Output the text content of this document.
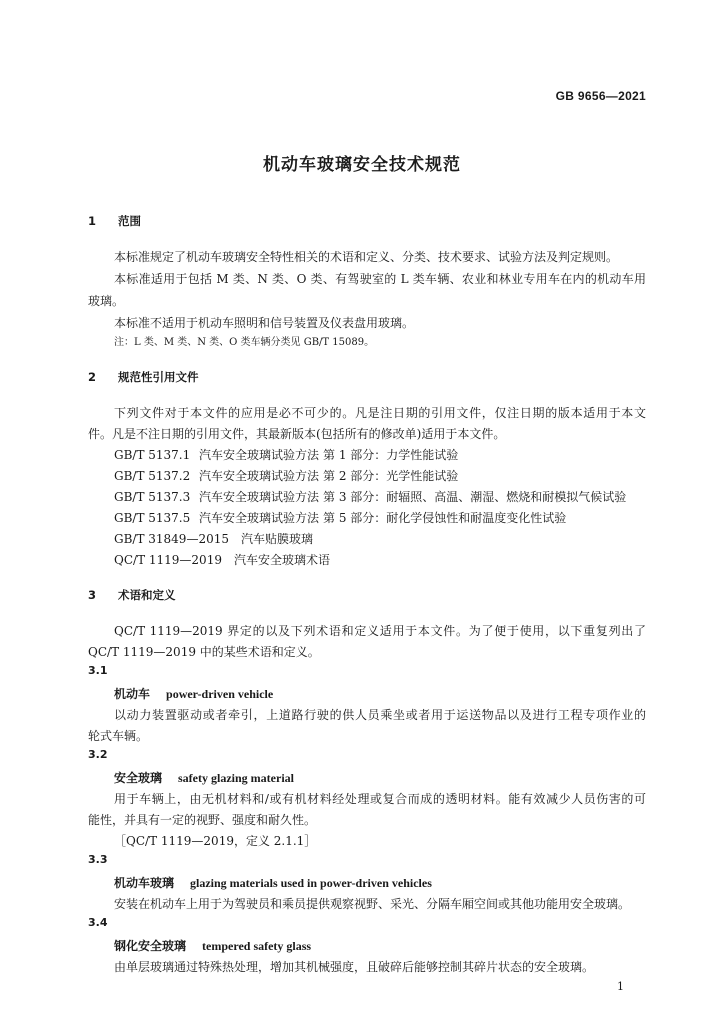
GB 9656—2021
机动车玻璃安全技术规范
1 范围
本标准规定了机动车玻璃安全特性相关的术语和定义、分类、技术要求、试验方法及判定规则。
本标准适用于包括 M 类、N 类、O 类、有驾驶室的 L 类车辆、农业和林业专用车在内的机动车用
玻璃。
本标准不适用于机动车照明和信号装置及仪表盘用玻璃。
注：L 类、M 类、N 类、O 类车辆分类见 GB/T 15089。
2 规范性引用文件
下列文件对于本文件的应用是必不可少的。凡是注日期的引用文件，仅注日期的版本适用于本文
件。凡是不注日期的引用文件，其最新版本(包括所有的修改单)适用于本文件。
GB/T 5137.1 汽车安全玻璃试验方法 第 1 部分：力学性能试验
GB/T 5137.2 汽车安全玻璃试验方法 第 2 部分：光学性能试验
GB/T 5137.3 汽车安全玻璃试验方法 第 3 部分：耐辐照、高温、潮湿、燃烧和耐模拟气候试验
GB/T 5137.5 汽车安全玻璃试验方法 第 5 部分：耐化学侵蚀性和耐温度变化性试验
GB/T 31849—2015　汽车贴膜玻璃
QC/T 1119—2019　汽车安全玻璃术语
3 术语和定义
QC/T 1119—2019 界定的以及下列术语和定义适用于本文件。为了便于使用，以下重复列出了
QC/T 1119—2019 中的某些术语和定义。
3.1
机动车 power-driven vehicle
以动力装置驱动或者牵引，上道路行驶的供人员乘坐或者用于运送物品以及进行工程专项作业的
轮式车辆。
3.2
安全玻璃 safety glazing material
用于车辆上，由无机材料和/或有机材料经处理或复合而成的透明材料。能有效减少人员伤害的可
能性，并具有一定的视野、强度和耐久性。
［QC/T 1119—2019，定义 2.1.1］
3.3
机动车玻璃 glazing materials used in power-driven vehicles
安装在机动车上用于为驾驶员和乘员提供观察视野、采光、分隔车厢空间或其他功能用安全玻璃。
3.4
钢化安全玻璃 tempered safety glass
由单层玻璃通过特殊热处理，增加其机械强度，且破碎后能够控制其碎片状态的安全玻璃。
1
